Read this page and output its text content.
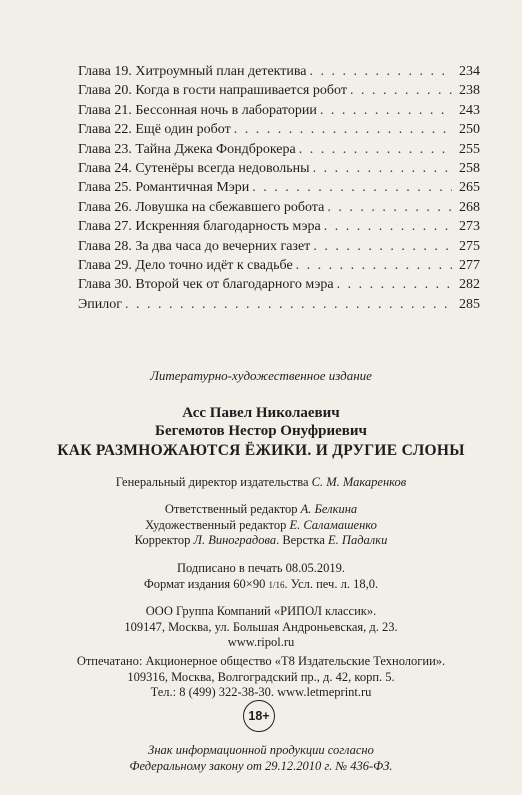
Глава 19. Хитроумный план детектива . . .	234
Глава 20. Когда в гости напрашивается робот . . .	238
Глава 21. Бессонная ночь в лаборатории . . .	243
Глава 22. Ещё один робот . . .	250
Глава 23. Тайна Джека Фондброкера . . .	255
Глава 24. Сутенёры всегда недовольны . . .	258
Глава 25. Романтичная Мэри . . .	265
Глава 26. Ловушка на сбежавшего робота . . .	268
Глава 27. Искренняя благодарность мэра . . .	273
Глава 28. За два часа до вечерних газет . . .	275
Глава 29. Дело точно идёт к свадьбе . . .	277
Глава 30. Второй чек от благодарного мэра . . .	282
Эпилог . . .	285
Литературно-художественное издание
Асс Павел Николаевич
Бегемотов Нестор Онуфриевич
КАК РАЗМНОЖАЮТСЯ ЁЖИКИ. И ДРУГИЕ СЛОНЫ
Генеральный директор издательства С. М. Макаренков
Ответственный редактор А. Белкина
Художественный редактор Е. Саламашенко
Корректор Л. Виноградова. Верстка Е. Падалки
Подписано в печать 08.05.2019.
Формат издания 60×90 1/16. Усл. печ. л. 18,0.
ООО Группа Компаний «РИПОЛ классик».
109147, Москва, ул. Большая Андроньевская, д. 23.
www.ripol.ru
Отпечатано: Акционерное общество «Т8 Издательские Технологии».
109316, Москва, Волгоградский пр., д. 42, корп. 5.
Тел.: 8 (499) 322-38-30. www.letmeprint.ru
18+
Знак информационной продукции согласно
Федеральному закону от 29.12.2010 г. № 436-ФЗ.
